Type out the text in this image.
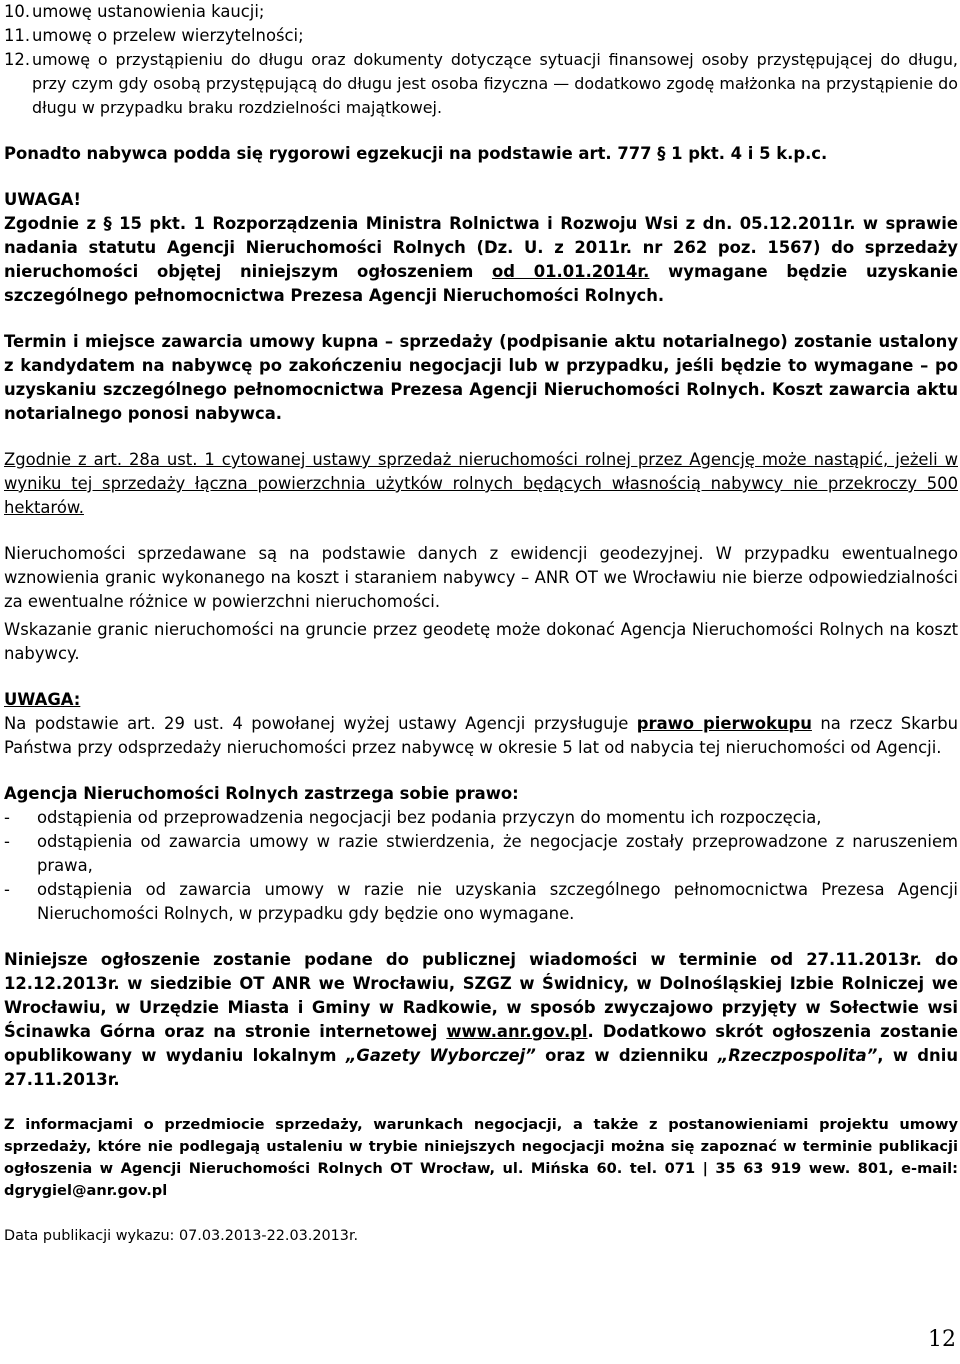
10. umowę ustanowienia kaucji;
11. umowę o przelew wierzytelności;
12. umowę o przystąpieniu do długu oraz dokumenty dotyczące sytuacji finansowej osoby przystępującej do długu, przy czym gdy osobą przystępującą do długu jest osoba fizyczna — dodatkowo zgodę małżonka na przystąpienie do długu w przypadku braku rozdzielności majątkowej.

Ponadto nabywca podda się rygorowi egzekucji na podstawie art. 777 § 1 pkt. 4 i 5 k.p.c.

UWAGA!

Zgodnie z § 15 pkt. 1 Rozporządzenia Ministra Rolnictwa i Rozwoju Wsi z dn. 05.12.2011r. w sprawie nadania statutu Agencji Nieruchomości Rolnych (Dz. U. z 2011r. nr 262 poz. 1567) do sprzedaży nieruchomości objętej niniejszym ogłoszeniem od 01.01.2014r. wymagane będzie uzyskanie szczególnego pełnomocnictwa Prezesa Agencji Nieruchomości Rolnych.

Termin i miejsce zawarcia umowy kupna – sprzedaży (podpisanie aktu notarialnego) zostanie ustalony z kandydatem na nabywcę po zakończeniu negocjacji lub w przypadku, jeśli będzie to wymagane – po uzyskaniu szczególnego pełnomocnictwa Prezesa Agencji Nieruchomości Rolnych. Koszt zawarcia aktu notarialnego ponosi nabywca.

Zgodnie z art. 28a ust. 1 cytowanej ustawy sprzedaż nieruchomości rolnej przez Agencję może nastąpić, jeżeli w wyniku tej sprzedaży łączna powierzchnia użytków rolnych będących własnością nabywcy nie przekroczy 500 hektarów.

Nieruchomości sprzedawane są na podstawie danych z ewidencji geodezyjnej. W przypadku ewentualnego wznowienia granic wykonanego na koszt i staraniem nabywcy – ANR OT we Wrocławiu nie bierze odpowiedzialności za ewentualne różnice w powierzchni nieruchomości.

Wskazanie granic nieruchomości na gruncie przez geodetę może dokonać Agencja Nieruchomości Rolnych na koszt nabywcy.

UWAGA:

Na podstawie art. 29 ust. 4 powołanej wyżej ustawy Agencji przysługuje prawo pierwokupu na rzecz Skarbu Państwa przy odsprzedaży nieruchomości przez nabywcę w okresie 5 lat od nabycia tej nieruchomości od Agencji.

Agencja Nieruchomości Rolnych zastrzega sobie prawo:

-	odstąpienia od przeprowadzenia negocjacji bez podania przyczyn do momentu ich rozpoczęcia,
-	odstąpienia od zawarcia umowy w razie stwierdzenia, że negocjacje zostały przeprowadzone z naruszeniem prawa,
-	odstąpienia od zawarcia umowy w razie nie uzyskania szczególnego pełnomocnictwa Prezesa Agencji Nieruchomości Rolnych, w przypadku gdy będzie ono wymagane.

Niniejsze ogłoszenie zostanie podane do publicznej wiadomości w terminie od 27.11.2013r. do 12.12.2013r. w siedzibie OT ANR we Wrocławiu, SZGZ w Świdnicy, w Dolnośląskiej Izbie Rolniczej we Wrocławiu, w Urzędzie Miasta i Gminy w Radkowie, w sposób zwyczajowo przyjęty w Sołectwie wsi Ścinawka Górna oraz na stronie internetowej www.anr.gov.pl. Dodatkowo skrót ogłoszenia zostanie opublikowany w wydaniu lokalnym „Gazety Wyborczej” oraz w dzienniku „Rzeczpospolita”, w dniu 27.11.2013r.

Z informacjami o przedmiocie sprzedaży, warunkach negocjacji, a także z postanowieniami projektu umowy sprzedaży, które nie podlegają ustaleniu w trybie niniejszych negocjacji można się zapoznać w terminie publikacji ogłoszenia w Agencji Nieruchomości Rolnych OT Wrocław, ul. Mińska 60. tel. 071 | 35 63 919 wew. 801, e-mail: dgrygiel@anr.gov.pl

Data publikacji wykazu: 07.03.2013-22.03.2013r.

12
